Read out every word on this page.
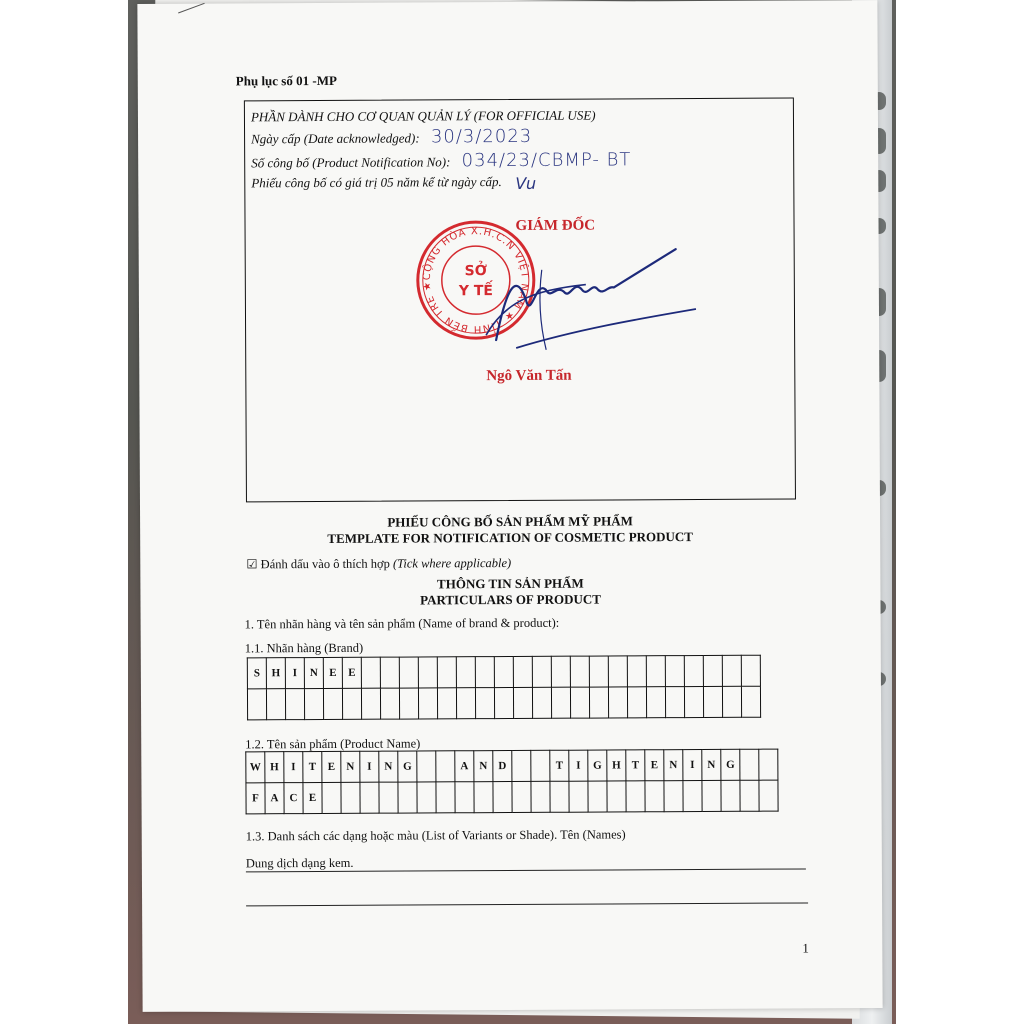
Phụ lục số 01 -MP
PHẦN DÀNH CHO CƠ QUAN QUẢN LÝ (FOR OFFICIAL USE)
Ngày cấp (Date acknowledged): 30/3/2023
Số công bố (Product Notification No): 034/23/CBMP- BT
Phiếu công bố có giá trị 05 năm kể từ ngày cấp. Vu
GIÁM ĐỐC
CỘNG HÒA X.H.C.N VIỆT NAM ★ TỈNH BẾN TRE ★
SỞ
Y TẾ
Ngô Văn Tấn
PHIẾU CÔNG BỐ SẢN PHẨM MỸ PHẨM
TEMPLATE FOR NOTIFICATION OF COSMETIC PRODUCT
☑ Đánh dấu vào ô thích hợp (Tick where applicable)
THÔNG TIN SẢN PHẨM
PARTICULARS OF PRODUCT
1. Tên nhãn hàng và tên sản phẩm (Name of brand & product):
1.1. Nhãn hàng (Brand)
S	H	I	N	E	E																					

1.2. Tên sản phẩm (Product Name)
W	H	I	T	E	N	I	N	G			A	N	D			T	I	G	H	T	E	N	I	N	G		
F	A	C	E																								
1.3. Danh sách các dạng hoặc màu (List of Variants or Shade). Tên (Names)
Dung dịch dạng kem.
1
